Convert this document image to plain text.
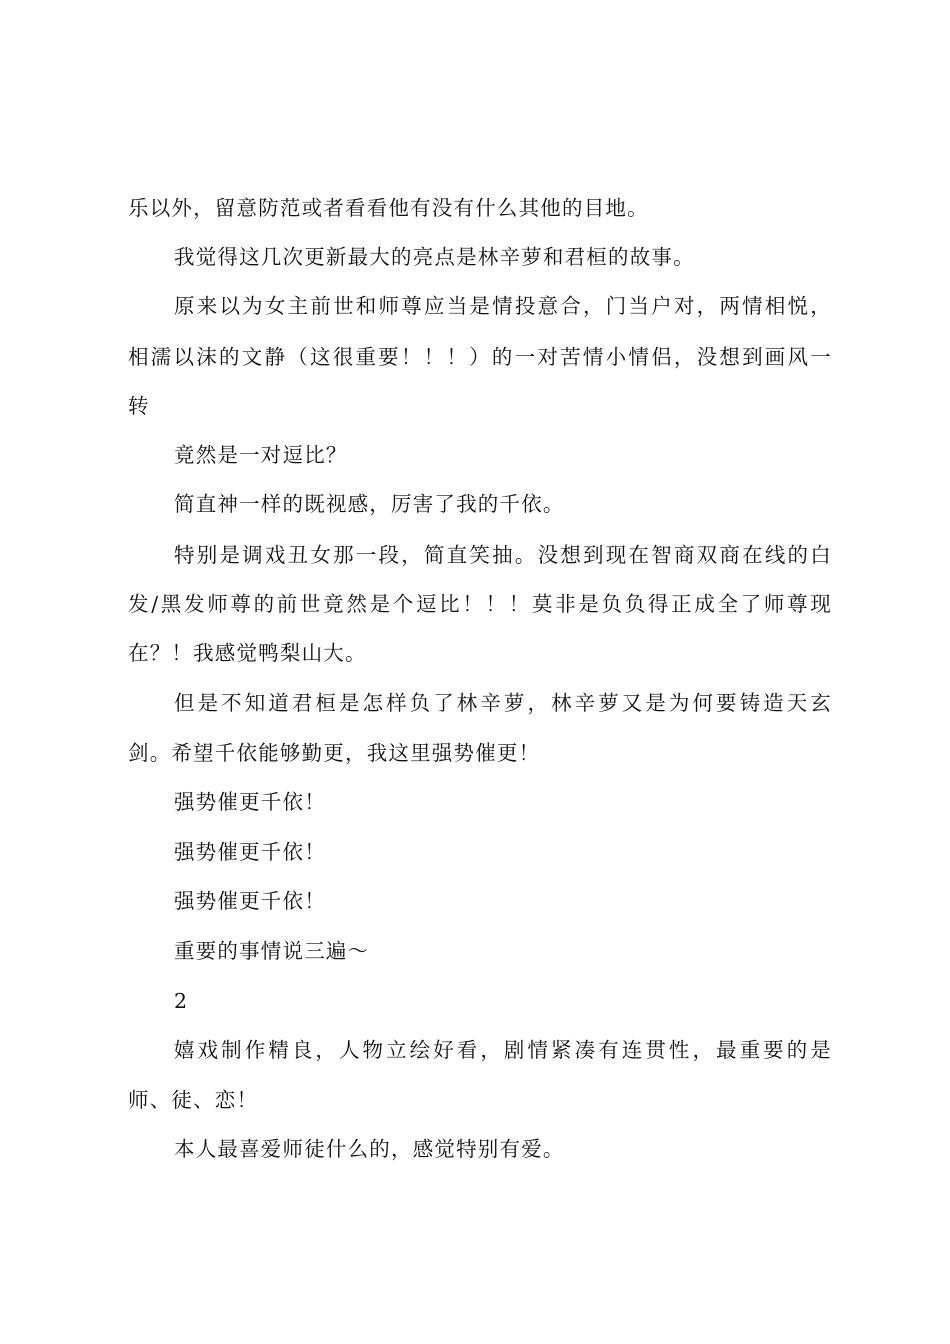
乐以外，留意防范或者看看他有没有什么其他的目地。

我觉得这几次更新最大的亮点是林辛萝和君桓的故事。

原来以为女主前世和师尊应当是情投意合，门当户对，两情相悦，

相濡以沫的文静（这很重要！！！）的一对苦情小情侣，没想到画风一

转

竟然是一对逗比？

简直神一样的既视感，厉害了我的千依。

特别是调戏丑女那一段，简直笑抽。没想到现在智商双商在线的白

发/黑发师尊的前世竟然是个逗比！！！莫非是负负得正成全了师尊现

在？！我感觉鸭梨山大。

但是不知道君桓是怎样负了林辛萝，林辛萝又是为何要铸造天玄

剑。希望千依能够勤更，我这里强势催更！

强势催更千依！

强势催更千依！

强势催更千依！

重要的事情说三遍～

2

嬉戏制作精良，人物立绘好看，剧情紧凑有连贯性，最重要的是

师、徒、恋！

本人最喜爱师徒什么的，感觉特别有爱。
